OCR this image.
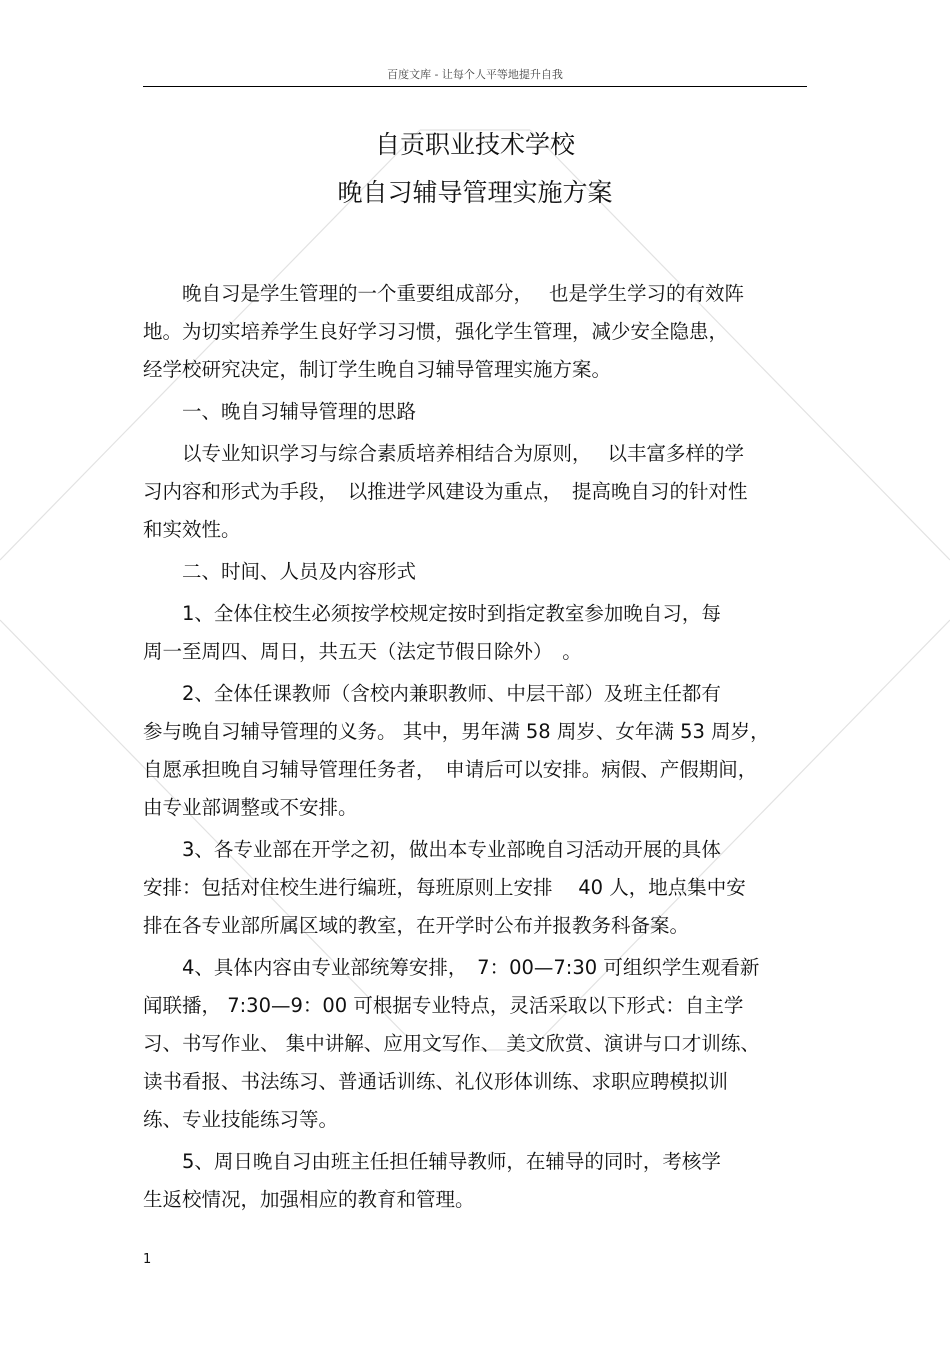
百度文库 - 让每个人平等地提升自我
自贡职业技术学校
晚自习辅导管理实施方案

晚自习是学生管理的一个重要组成部分，　 也是学生学习的有效阵
地。为切实培养学生良好学习习惯，强化学生管理，减少安全隐患，
经学校研究决定，制订学生晚自习辅导管理实施方案。

一、晚自习辅导管理的思路

以专业知识学习与综合素质培养相结合为原则，　 以丰富多样的学
习内容和形式为手段，　以推进学风建设为重点，　提高晚自习的针对性
和实效性。

二、时间、人员及内容形式

1、全体住校生必须按学校规定按时到指定教室参加晚自习，每
周一至周四、周日，共五天（法定节假日除外）　。

2、全体任课教师（含校内兼职教师、中层干部）及班主任都有
参与晚自习辅导管理的义务。 其中，男年满 58 周岁、女年满 53 周岁，
自愿承担晚自习辅导管理任务者，　申请后可以安排。病假、产假期间，
由专业部调整或不安排。

3、各专业部在开学之初，做出本专业部晚自习活动开展的具体
安排：包括对住校生进行编班，每班原则上安排　 40 人，地点集中安
排在各专业部所属区域的教室，在开学时公布并报教务科备案。

4、具体内容由专业部统筹安排，　7：00—7:30 可组织学生观看新
闻联播， 7:30—9：00 可根据专业特点，灵活采取以下形式：自主学
习、书写作业、 集中讲解、应用文写作、 美文欣赏、演讲与口才训练、
读书看报、书法练习、普通话训练、礼仪形体训练、求职应聘模拟训
练、专业技能练习等。

5、周日晚自习由班主任担任辅导教师，在辅导的同时，考核学
生返校情况，加强相应的教育和管理。

1
